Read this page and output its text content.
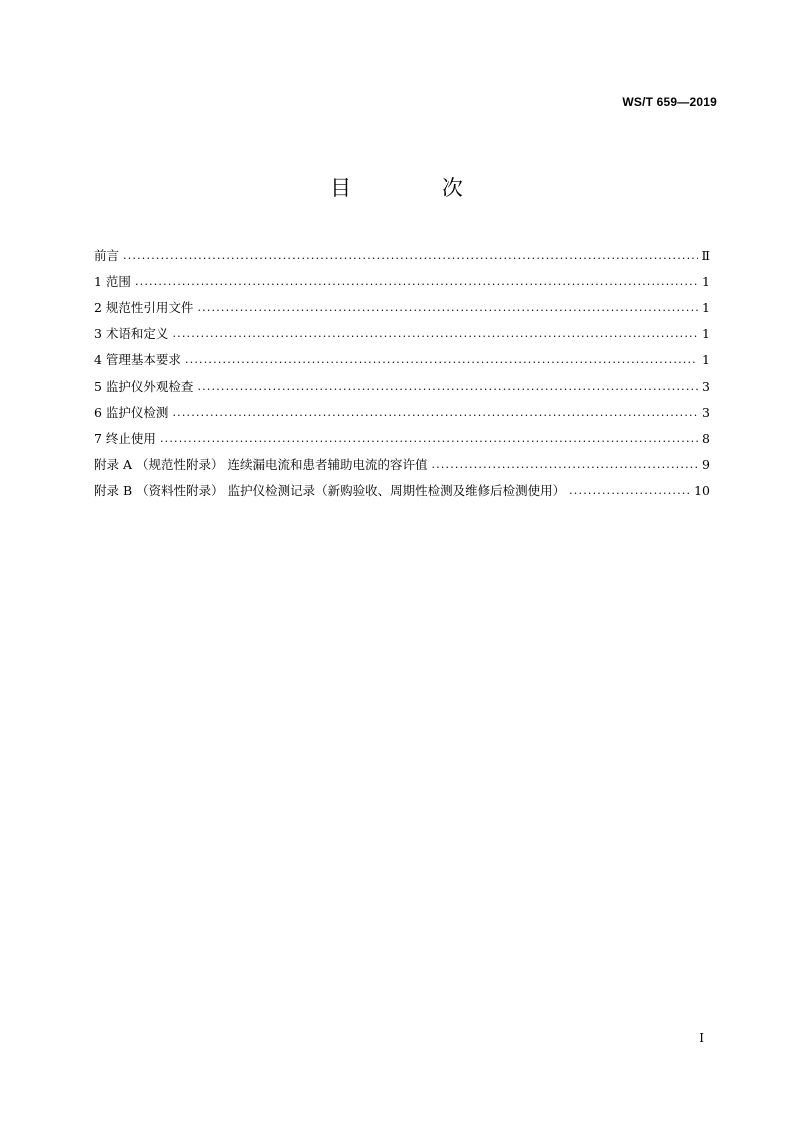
WS/T 659—2019
目 次
前言 .....	Ⅱ
1 范围 .....	1
2 规范性引用文件 .....	1
3 术语和定义 .....	1
4 管理基本要求 .....	1
5 监护仪外观检查 .....	3
6 监护仪检测 .....	3
7 终止使用 .....	8
附录 A （规范性附录） 连续漏电流和患者辅助电流的容许值 .....	9
附录 B （资料性附录） 监护仪检测记录（新购验收、周期性检测及维修后检测使用） .....	10
I
